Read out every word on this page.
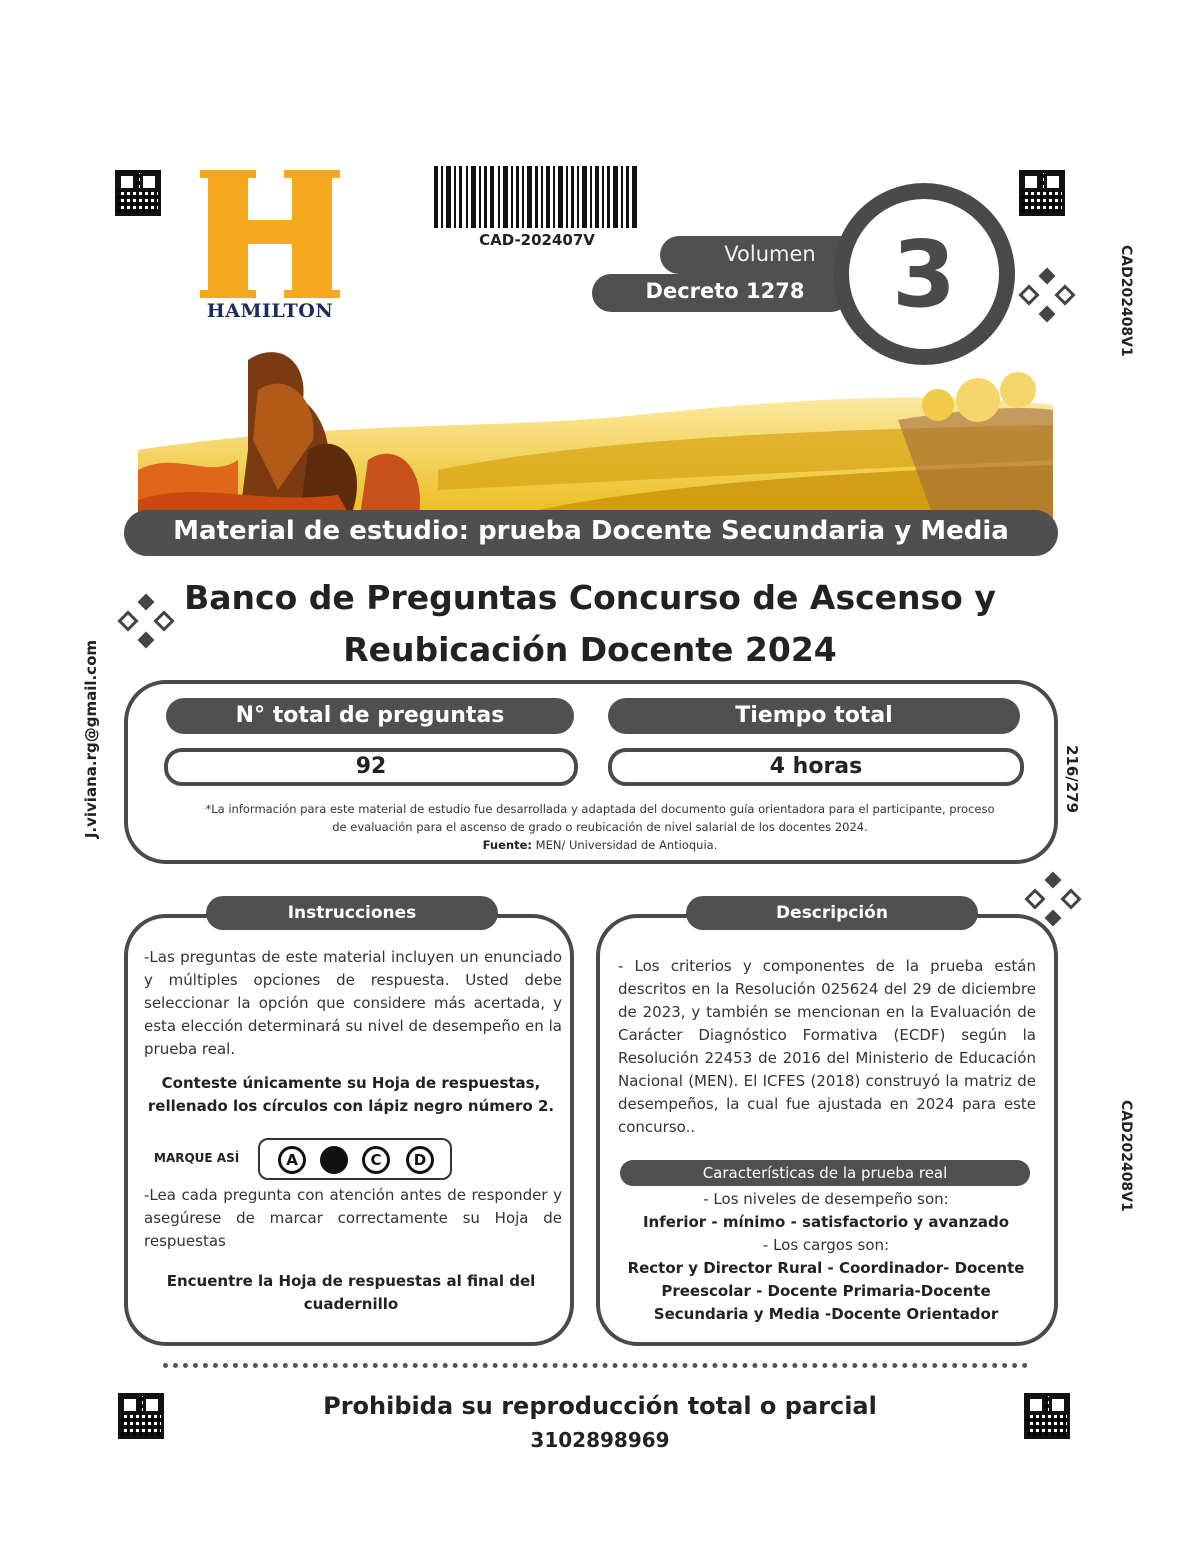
HAMILTON
CAD-202407V
Volumen
Decreto 1278 3	CAD202408V1
CAD202408V1
216/279
J.viviana.rg@gmail.com
Material de estudio: prueba Docente Secundaria y Media
Banco de Preguntas Concurso de Ascenso y
Reubicación Docente 2024
N° total de preguntas	Tiempo total
92	4 horas
*La información para este material de estudio fue desarrollada y adaptada del documento guía orientadora para el participante, proceso
de evaluación para el ascenso de grado o reubicación de nivel salarial de los docentes 2024.
Fuente: MEN/ Universidad de Antioquia.
Instrucciones
-Las preguntas de este material incluyen un enunciado y múltiples opciones de respuesta. Usted debe seleccionar la opción que considere más acertada, y esta elección determinará su nivel de desempeño en la prueba real.
Conteste únicamente su Hoja de respuestas,
rellenado los círculos con lápiz negro número 2.
MARQUE ASÍ	A	C	D
-Lea cada pregunta con atención antes de responder y asegúrese de marcar correctamente su Hoja de respuestas
Encuentre la Hoja de respuestas al final del
cuadernillo
Descripción
- Los criterios y componentes de la prueba están descritos en la Resolución 025624 del 29 de diciembre de 2023, y también se mencionan en la Evaluación de Carácter Diagnóstico Formativa (ECDF) según la Resolución 22453 de 2016 del Ministerio de Educación Nacional (MEN). El ICFES (2018) construyó la matriz de desempeños, la cual fue ajustada en 2024 para este concurso..
Características de la prueba real
- Los niveles de desempeño son:
Inferior - mínimo - satisfactorio y avanzado
- Los cargos son:
Rector y Director Rural - Coordinador- Docente
Preescolar - Docente Primaria-Docente
Secundaria y Media -Docente Orientador
Prohibida su reproducción total o parcial
3102898969
